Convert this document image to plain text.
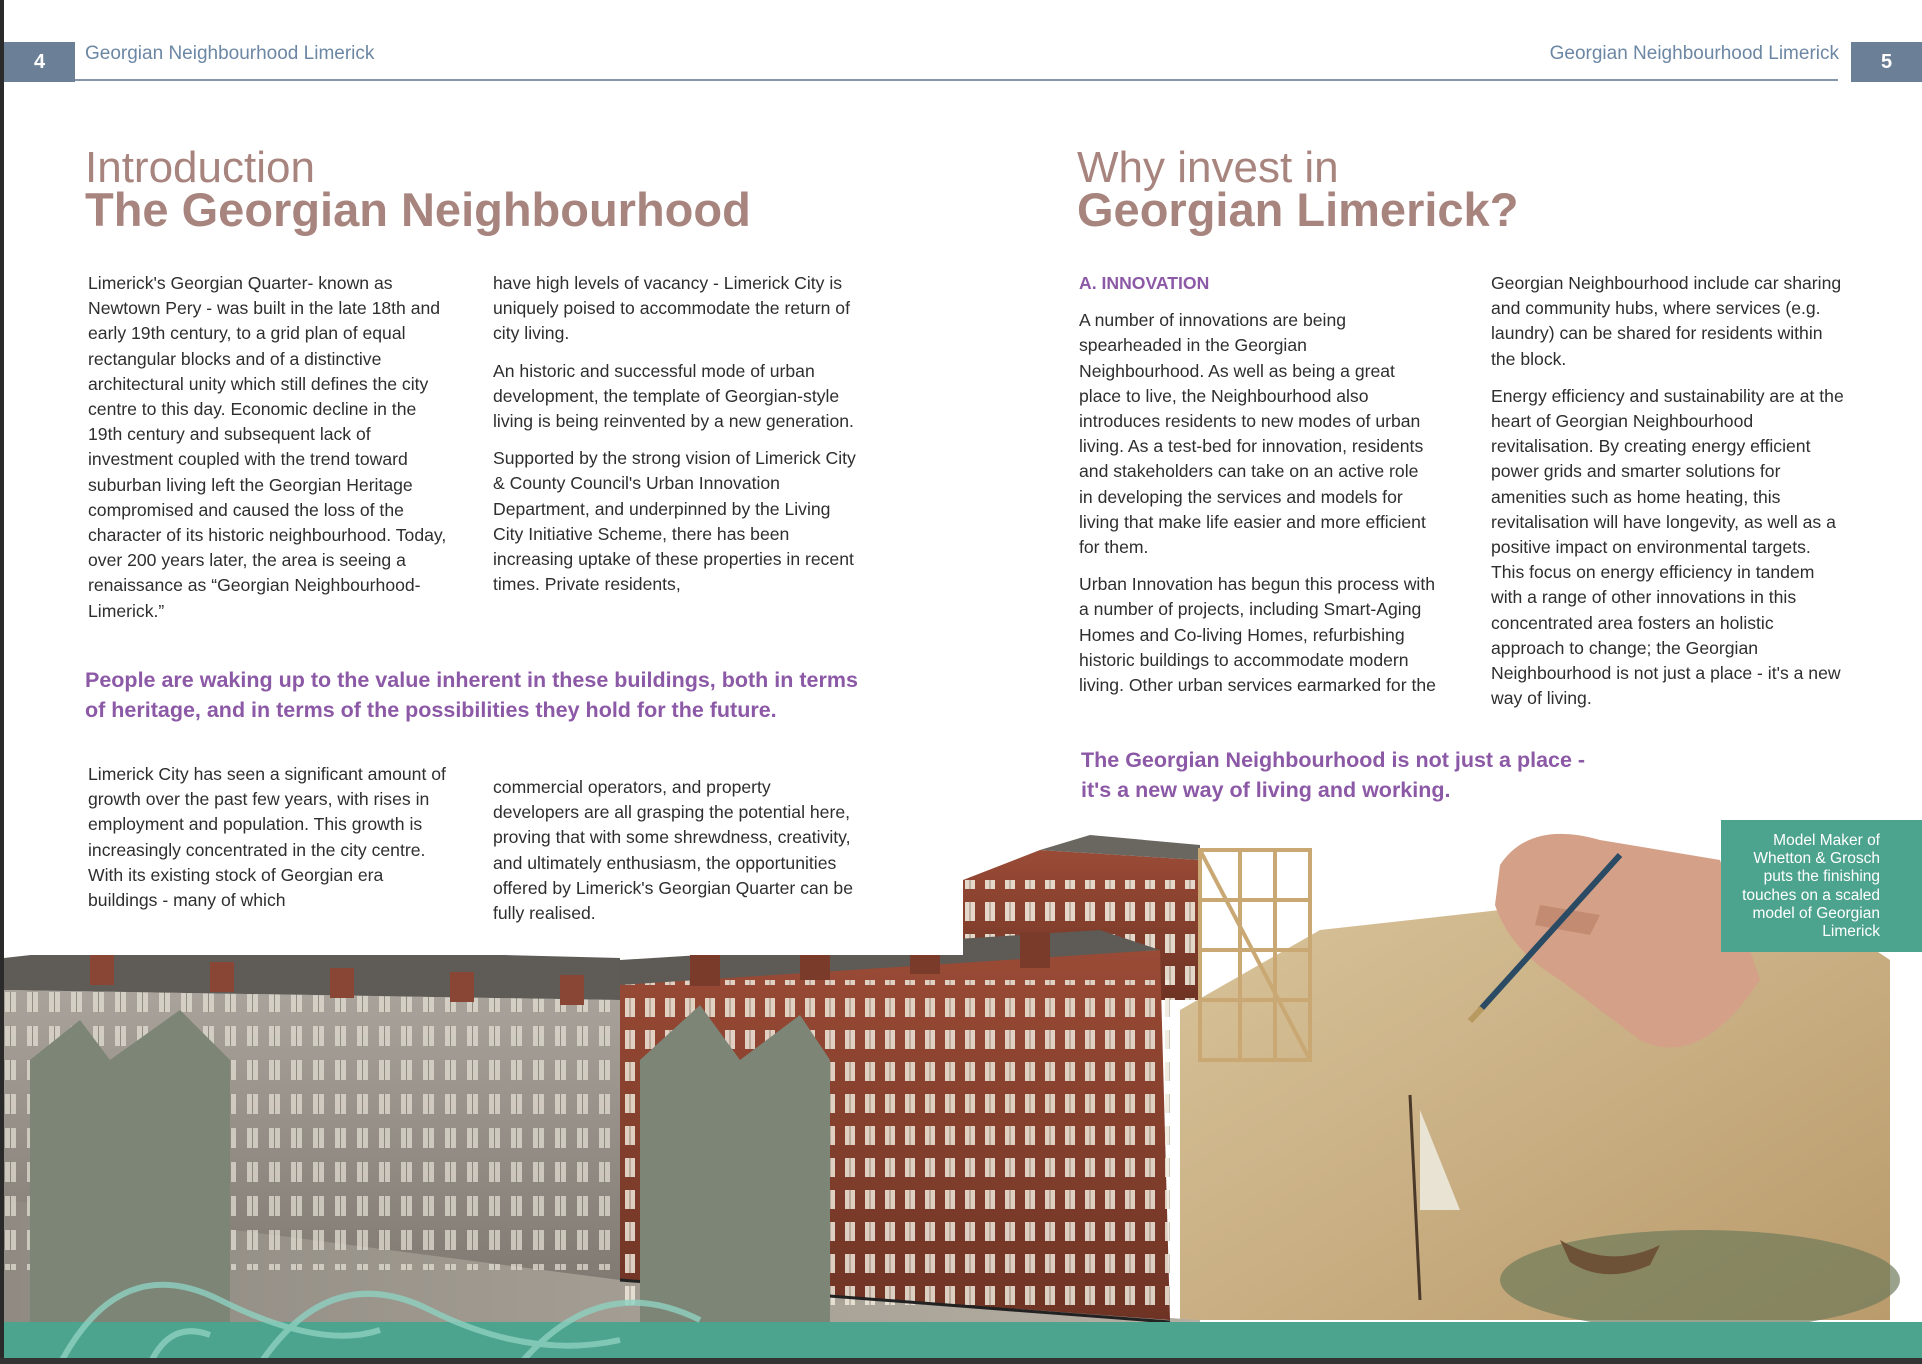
4	Georgian Neighbourhood Limerick	Georgian Neighbourhood Limerick	5
Introduction
The Georgian Neighbourhood

Limerick's Georgian Quarter- known as Newtown Pery - was built in the late 18th and early 19th century, to a grid plan of equal rectangular blocks and of a distinctive architectural unity which still defines the city centre to this day. Economic decline in the 19th century and subsequent lack of investment coupled with the trend toward suburban living left the Georgian Heritage compromised and caused the loss of the character of its historic neighbourhood. Today, over 200 years later, the area is seeing a renaissance as “Georgian Neighbourhood-Limerick.”

have high levels of vacancy - Limerick City is uniquely poised to accommodate the return of city living.

An historic and successful mode of urban development, the template of Georgian-style living is being reinvented by a new generation.

Supported by the strong vision of Limerick City & County Council's Urban Innovation Department, and underpinned by the Living City Initiative Scheme, there has been increasing uptake of these properties in recent times. Private residents,

People are waking up to the value inherent in these buildings, both in terms of heritage, and in terms of the possibilities they hold for the future.

Limerick City has seen a significant amount of growth over the past few years, with rises in employment and population. This growth is increasingly concentrated in the city centre. With its existing stock of Georgian era buildings - many of which

commercial operators, and property developers are all grasping the potential here, proving that with some shrewdness, creativity, and ultimately enthusiasm, the opportunities offered by Limerick's Georgian Quarter can be fully realised.

Why invest in
Georgian Limerick?

A. INNOVATION

A number of innovations are being spearheaded in the Georgian Neighbourhood. As well as being a great place to live, the Neighbourhood also introduces residents to new modes of urban living. As a test-bed for innovation, residents and stakeholders can take on an active role in developing the services and models for living that make life easier and more efficient for them.

Urban Innovation has begun this process with a number of projects, including Smart-Aging Homes and Co-living Homes, refurbishing historic buildings to accommodate modern living. Other urban services earmarked for the

Georgian Neighbourhood include car sharing and community hubs, where services (e.g. laundry) can be shared for residents within the block.

Energy efficiency and sustainability are at the heart of Georgian Neighbourhood revitalisation. By creating energy efficient power grids and smarter solutions for amenities such as home heating, this revitalisation will have longevity, as well as a positive impact on environmental targets. This focus on energy efficiency in tandem with a range of other innovations in this concentrated area fosters an holistic approach to change; the Georgian Neighbourhood is not just a place - it's a new way of living.

The Georgian Neighbourhood is not just a place - it's a new way of living and working.
Model Maker of Whetton & Grosch puts the finishing touches on a scaled model of Georgian Limerick
